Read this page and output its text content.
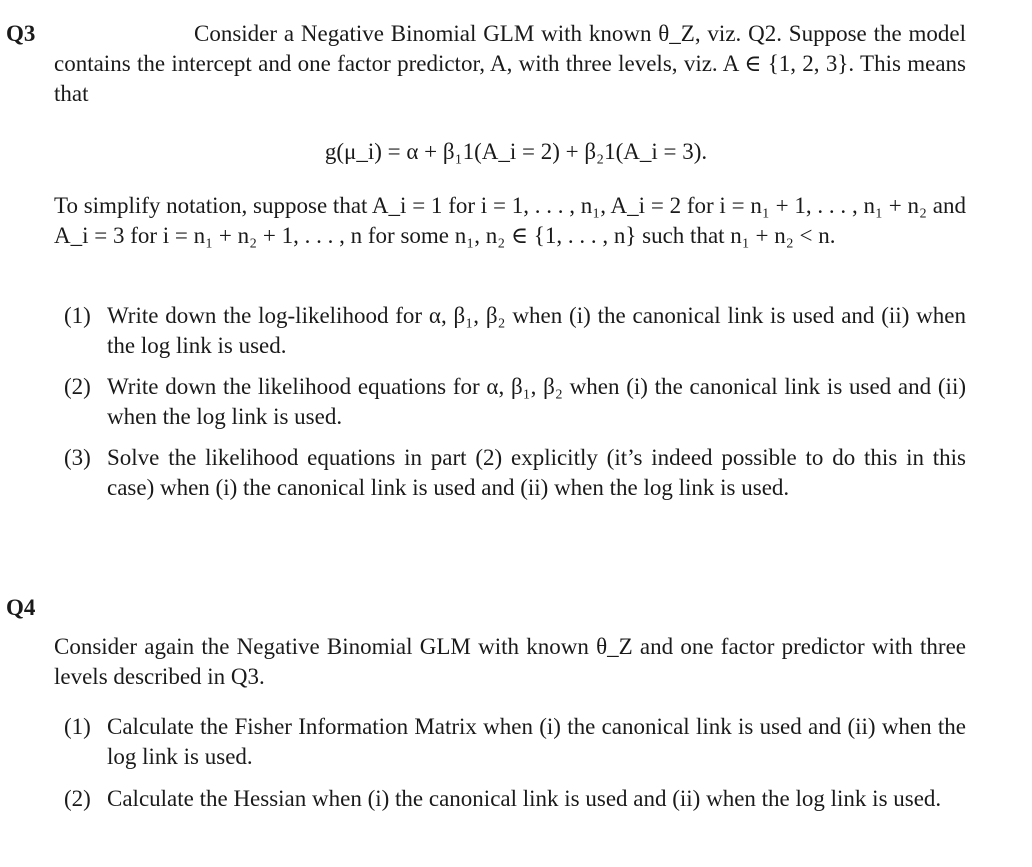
Q3	Consider a Negative Binomial GLM with known θ_Z, viz. Q2. Suppose the model contains the intercept and one factor predictor, A, with three levels, viz. A ∈ {1, 2, 3}. This means that
g(μ_i) = α + β₁1(A_i = 2) + β₂1(A_i = 3).
To simplify notation, suppose that A_i = 1 for i = 1, . . . , n₁, A_i = 2 for i = n₁ + 1, . . . , n₁ + n₂ and A_i = 3 for i = n₁ + n₂ + 1, . . . , n for some n₁, n₂ ∈ {1, . . . , n} such that n₁ + n₂ < n.
(1) Write down the log-likelihood for α, β₁, β₂ when (i) the canonical link is used and (ii) when the log link is used.
(2) Write down the likelihood equations for α, β₁, β₂ when (i) the canonical link is used and (ii) when the log link is used.
(3) Solve the likelihood equations in part (2) explicitly (it’s indeed possible to do this in this case) when (i) the canonical link is used and (ii) when the log link is used.
Q4
Consider again the Negative Binomial GLM with known θ_Z and one factor predictor with three levels described in Q3.
(1) Calculate the Fisher Information Matrix when (i) the canonical link is used and (ii) when the log link is used.
(2) Calculate the Hessian when (i) the canonical link is used and (ii) when the log link is used.
